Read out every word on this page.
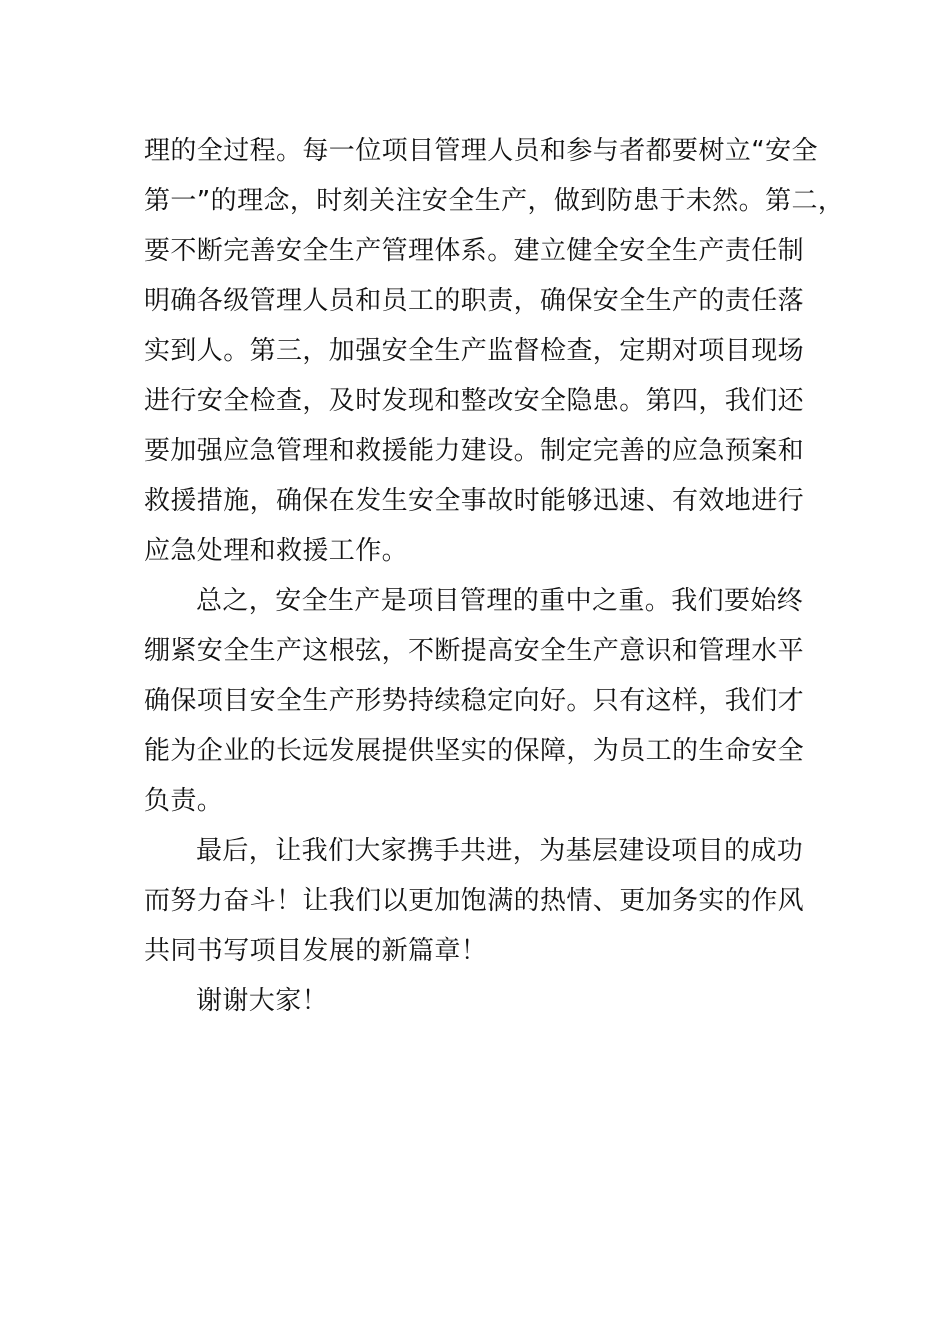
理的全过程。每一位项目管理人员和参与者都要树立“安全
第一”的理念，时刻关注安全生产，做到防患于未然。第二，
要不断完善安全生产管理体系。建立健全安全生产责任制
明确各级管理人员和员工的职责，确保安全生产的责任落
实到人。第三，加强安全生产监督检查，定期对项目现场
进行安全检查，及时发现和整改安全隐患。第四，我们还
要加强应急管理和救援能力建设。制定完善的应急预案和
救援措施，确保在发生安全事故时能够迅速、有效地进行
应急处理和救援工作。
总之，安全生产是项目管理的重中之重。我们要始终
绷紧安全生产这根弦，不断提高安全生产意识和管理水平
确保项目安全生产形势持续稳定向好。只有这样，我们才
能为企业的长远发展提供坚实的保障，为员工的生命安全
负责。
最后，让我们大家携手共进，为基层建设项目的成功
而努力奋斗！让我们以更加饱满的热情、更加务实的作风
共同书写项目发展的新篇章！
谢谢大家！
